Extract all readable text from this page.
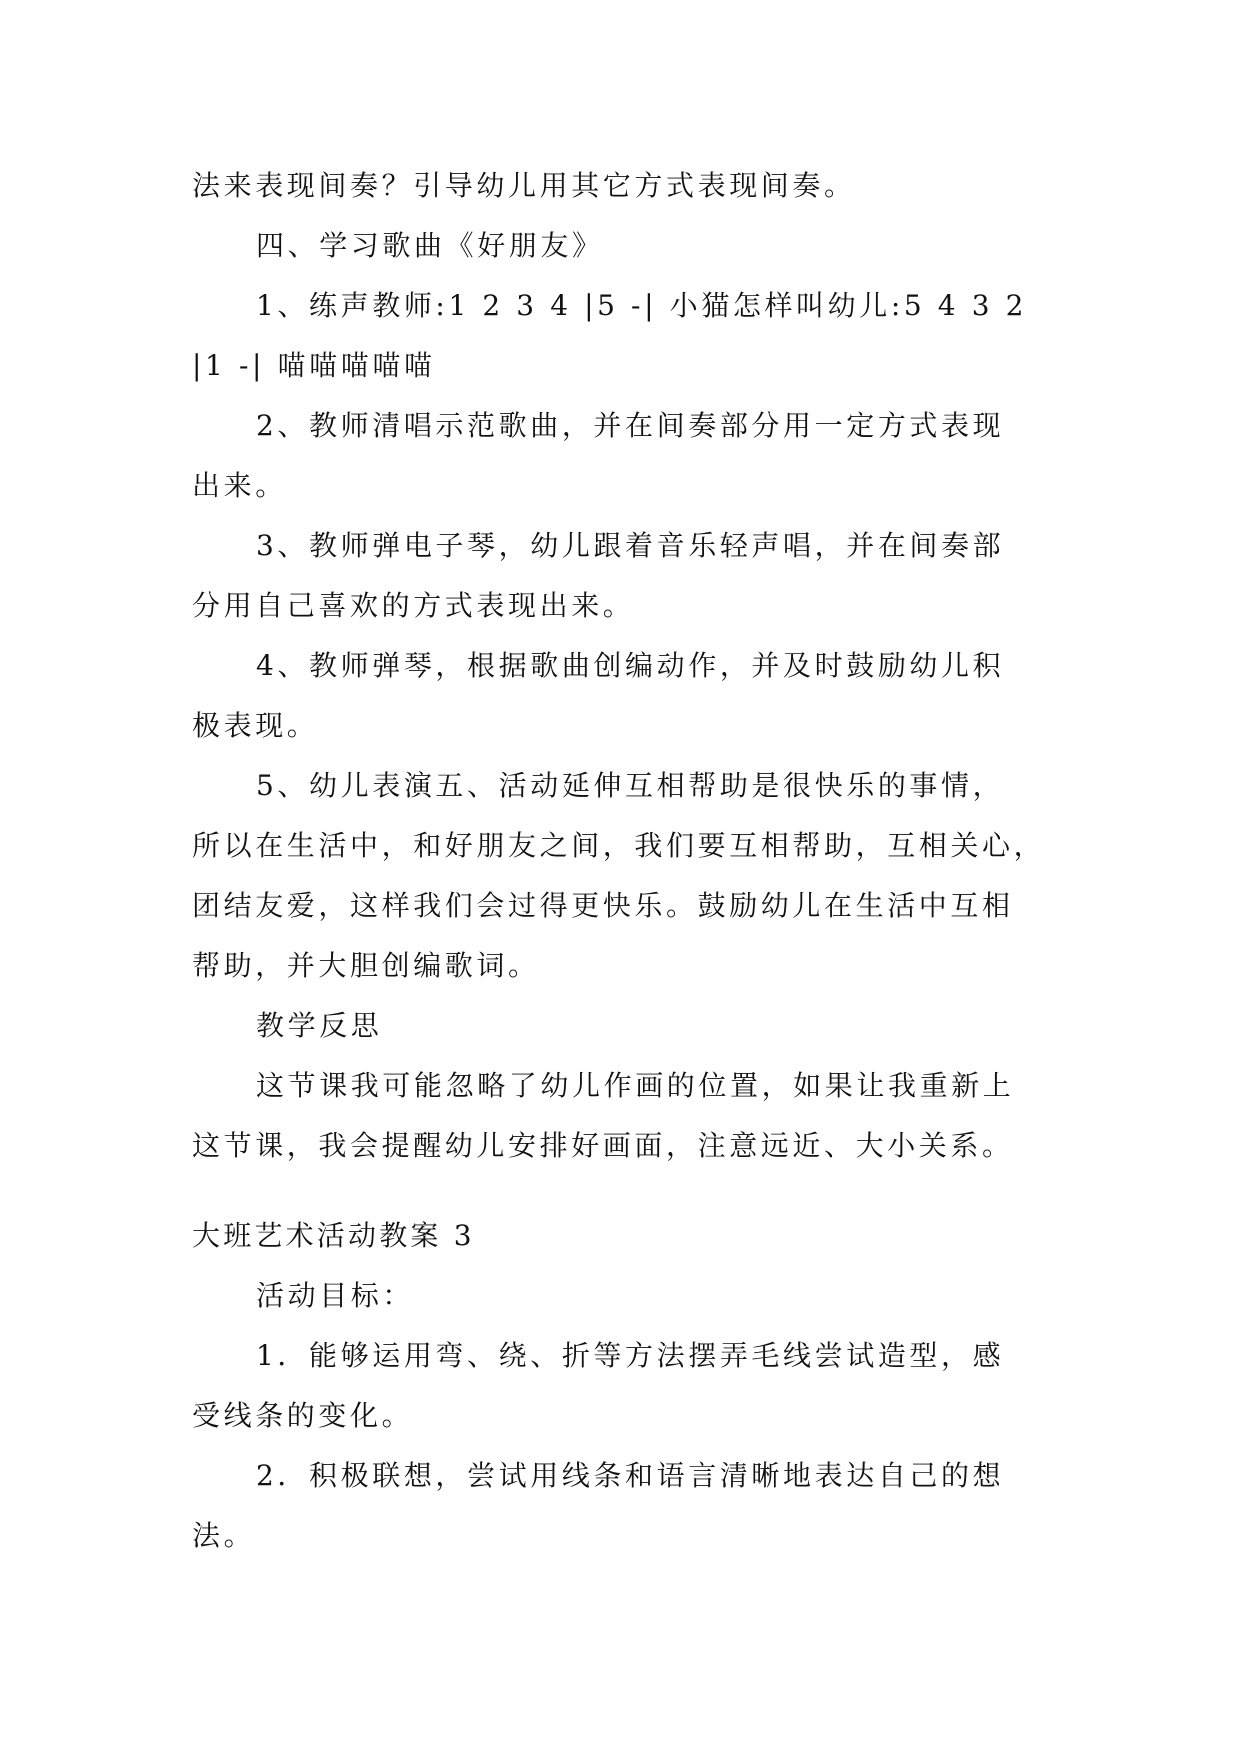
法来表现间奏？引导幼儿用其它方式表现间奏。
四、学习歌曲《好朋友》
1、练声教师:1 2 3 4 |5 -| 小猫怎样叫幼儿:5 4 3 2
|1 -| 喵喵喵喵喵
2、教师清唱示范歌曲，并在间奏部分用一定方式表现
出来。
3、教师弹电子琴，幼儿跟着音乐轻声唱，并在间奏部
分用自己喜欢的方式表现出来。
4、教师弹琴，根据歌曲创编动作，并及时鼓励幼儿积
极表现。
5、幼儿表演五、活动延伸互相帮助是很快乐的事情，
所以在生活中，和好朋友之间，我们要互相帮助，互相关心，
团结友爱，这样我们会过得更快乐。鼓励幼儿在生活中互相
帮助，并大胆创编歌词。
教学反思
这节课我可能忽略了幼儿作画的位置，如果让我重新上
这节课，我会提醒幼儿安排好画面，注意远近、大小关系。
大班艺术活动教案 3
活动目标：
1．能够运用弯、绕、折等方法摆弄毛线尝试造型，感
受线条的变化。
2．积极联想，尝试用线条和语言清晰地表达自己的想
法。
